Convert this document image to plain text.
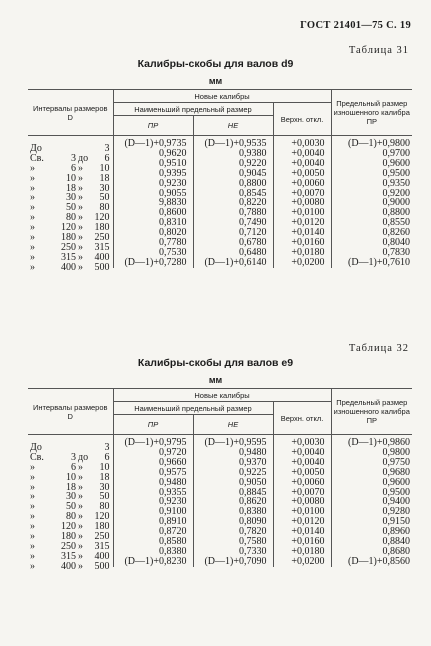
ГОСТ 21401—75 С. 19
Таблица 31
Калибры-скобы для валов d9
мм
Интервалы размеров D	Новые калибры			Предельный размер изношенного калибра ПР
	Наименьший предельный размер		Верхн. откл.	
	ПР	НЕ		

До 3	(D—1)+0,9735	(D—1)+0,9535	+0,0030	(D—1)+0,9800

Св. 3 до 6	0,9620	0,9380	+0,0040	0,9700

» 6 » 10	0,9510	0,9220	+0,0040	0,9600

» 10 » 18	0,9395	0,9045	+0,0050	0,9500

» 18 » 30	0,9230	0,8800	+0,0060	0,9350

» 30 » 50	0,9055	0,8545	+0,0070	0,9200

» 50 » 80	9,8830	0,8220	+0,0080	0,9000

» 80 » 120	0,8600	0,7880	+0,0100	0,8800

» 120 » 180	0,8310	0,7490	+0,0120	0,8550

» 180 » 250	0,8020	0,7120	+0,0140	0,8260

» 250 » 315	0,7780	0,6780	+0,0160	0,8040

» 315 » 400	0,7530	0,6480	+0,0180	0,7830

» 400 » 500	(D—1)+0,7280	(D—1)+0,6140	+0,0200	(D—1)+0,7610
Таблица 32
Калибры-скобы для валов е9
мм
Интервалы размеров D	Новые калибры			Предельный размер изношенного калибра ПР
	Наименьший предельный размер		Верхн. откл.	
	ПР	НЕ		

До 3	(D—1)+0,9795	(D—1)+0,9595	+0,0030	(D—1)+0,9860

Св. 3 до 6	0,9720	0,9480	+0,0040	0,9800

» 6 » 10	0,9660	0,9370	+0,0040	0,9750

» 10 » 18	0,9575	0,9225	+0,0050	0,9680

» 18 » 30	0,9480	0,9050	+0,0060	0,9600

» 30 » 50	0,9355	0,8845	+0,0070	0,9500

» 50 » 80	0,9230	0,8620	+0,0080	0,9400

» 80 » 120	0,9100	0,8380	+0,0100	0,9280

» 120 » 180	0,8910	0,8090	+0,0120	0,9150

» 180 » 250	0,8720	0,7820	+0,0140	0,8960

» 250 » 315	0,8580	0,7580	+0,0160	0,8840

» 315 » 400	0,8380	0,7330	+0,0180	0,8680

» 400 » 500	(D—1)+0,8230	(D—1)+0,7090	+0,0200	(D—1)+0,8560
